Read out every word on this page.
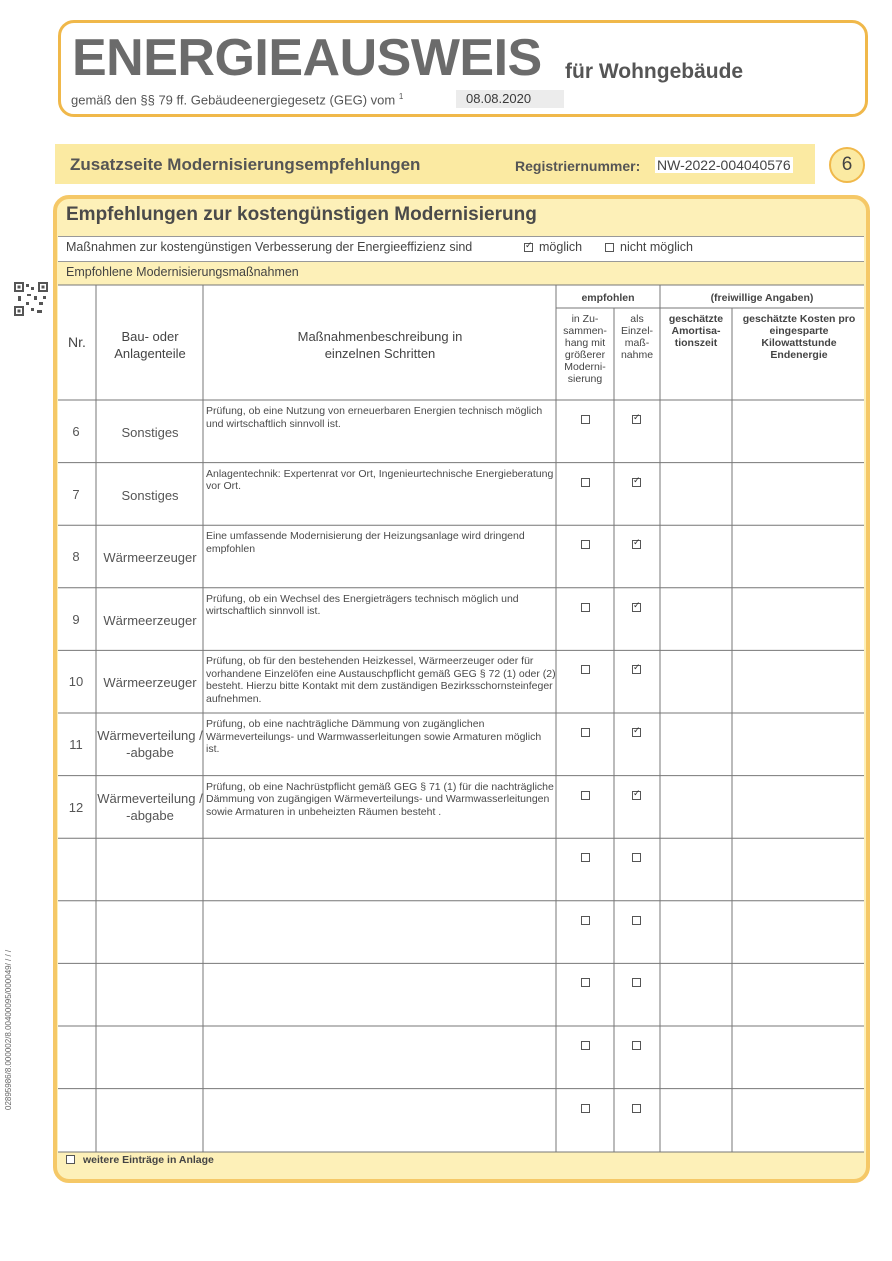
ENERGIEAUSWEIS für Wohngebäude
gemäß den §§ 79 ff. Gebäudeenergiegesetz (GEG) vom $^1$	08.08.2020
Zusatzseite Modernisierungsempfehlungen	Registriernummer: NW-2022-004040576	6
Empfehlungen zur kostengünstigen Modernisierung
Maßnahmen zur kostengünstigen Verbesserung der Energieeffizienz sind
✓	möglich	nicht möglich
Empfohlene Modernisierungsmaßnahmen
Nr.	Bau- oder Anlagenteile
Maßnahmenbeschreibung in einzelnen Schritten
empfohlen
in Zu- sammen- hang mit größerer Moderni- sierung
als Einzel- maß- nahme
(freiwillige Angaben)
geschätzte Amortisa- tionszeit
geschätzte Kosten pro eingesparte Kilowattstunde Endenergie
6	Sonstiges
Prüfung, ob eine Nutzung von erneuerbaren Energien technisch möglich und wirtschaftlich sinnvoll ist.
✓
7	Sonstiges
Anlagentechnik: Expertenrat vor Ort, Ingenieurtechnische Energieberatung vor Ort.
✓
8	Wärmeerzeuger
Eine umfassende Modernisierung der Heizungsanlage wird dringend empfohlen
✓
9	Wärmeerzeuger
Prüfung, ob ein Wechsel des Energieträgers technisch möglich und wirtschaftlich sinnvoll ist.
✓
10	Wärmeerzeuger
Prüfung, ob für den bestehenden Heizkessel, Wärmeerzeuger oder für vorhandene Einzelöfen eine Austauschpflicht gemäß GEG § 72 (1) oder (2) besteht. Hierzu bitte Kontakt mit dem zuständigen Bezirksschornsteinfeger aufnehmen.
✓
11
Wärmeverteilung / -abgabe
Prüfung, ob eine nachträgliche Dämmung von zugänglichen Wärmeverteilungs- und Warmwasserleitungen sowie Armaturen möglich ist.
✓
12
Wärmeverteilung / -abgabe
Prüfung, ob eine Nachrüstpflicht gemäß GEG § 71 (1) für die nachträgliche Dämmung von zugängigen Wärmeverteilungs- und Warmwasserleitungen sowie Armaturen in unbeheizten Räumen besteht .
✓
weitere Einträge in Anlage
02895986/8.000002/8.00400095/000049/ / / /
